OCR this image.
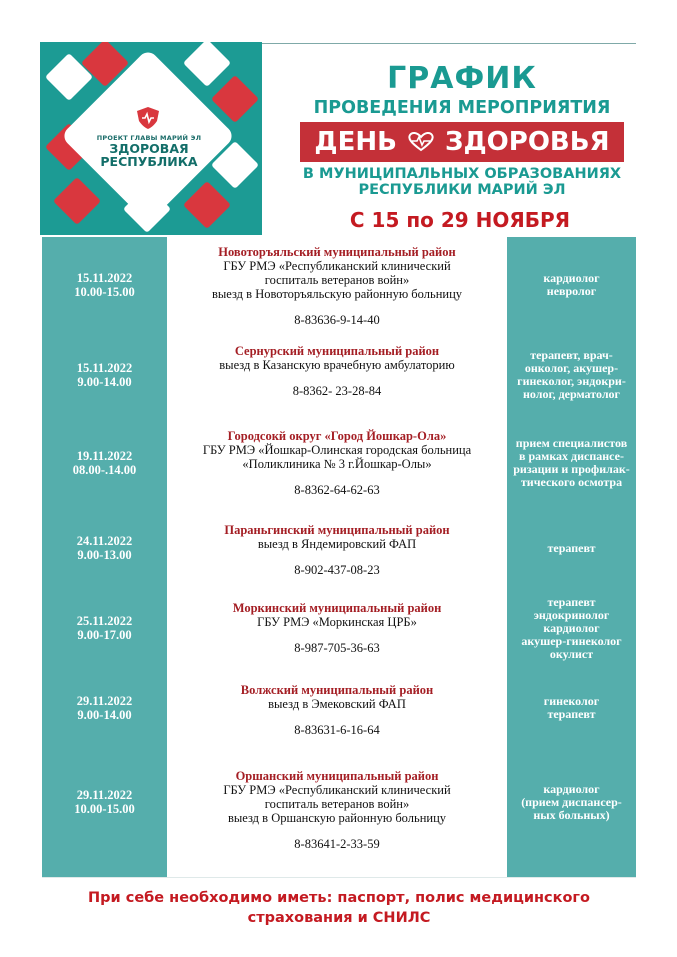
ПРОЕКТ ГЛАВЫ МАРИЙ ЭЛ
ЗДОРОВАЯ
РЕСПУБЛИКА
ГРАФИК
ПРОВЕДЕНИЯ МЕРОПРИЯТИЯ
ДЕНЬ ЗДОРОВЬЯ
В МУНИЦИПАЛЬНЫХ ОБРАЗОВАНИЯХ
РЕСПУБЛИКИ МАРИЙ ЭЛ
С 15 по 29 НОЯБРЯ
15.11.2022
10.00-15.00
Новоторъяльский муниципальный район
ГБУ РМЭ «Республиканский клинический
госпиталь ветеранов войн»
выезд в Новоторъяльскую районную больницу
8-83636-9-14-40
кардиолог
невролог
15.11.2022
9.00-14.00
Сернурский муниципальный район
выезд в Казанскую врачебную амбулаторию
8-8362- 23-28-84
терапевт, врач-
онколог, акушер-
гинеколог, эндокри-
нолог, дерматолог
19.11.2022
08.00-.14.00
Городсокй округ «Город Йошкар-Ола»
ГБУ РМЭ «Йошкар-Олинская городская больница
«Поликлиника № 3 г.Йошкар-Олы»
8-8362-64-62-63
прием специалистов
в рамках диспансе-
ризации и профилак-
тического осмотра
24.11.2022
9.00-13.00
Параньгинский муниципальный район
выезд в Яндемировский ФАП
8-902-437-08-23
терапевт
25.11.2022
9.00-17.00
Моркинский муниципальный район
ГБУ РМЭ «Моркинская ЦРБ»
8-987-705-36-63
терапевт
эндокринолог
кардиолог
акушер-гинеколог
окулист
29.11.2022
9.00-14.00
Волжский муниципальный район
выезд в Эмековский ФАП
8-83631-6-16-64
гинеколог
терапевт
29.11.2022
10.00-15.00
Оршанский муниципальный район
ГБУ РМЭ «Республиканский клинический
госпиталь ветеранов войн»
выезд в Оршанскую районную больницу
8-83641-2-33-59
кардиолог
(прием диспансер-
ных больных)
При себе необходимо иметь: паспорт, полис медицинского
страхования и СНИЛС
